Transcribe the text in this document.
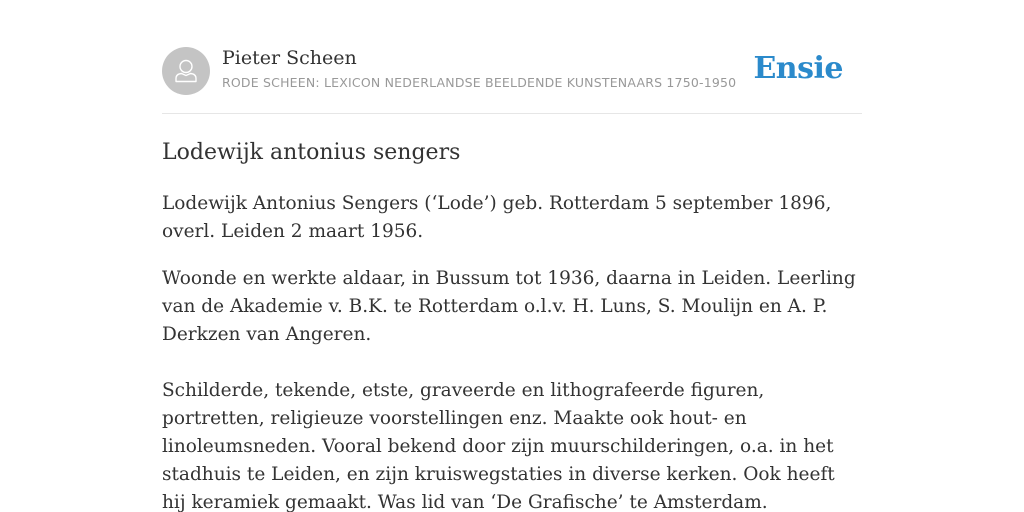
Pieter Scheen
RODE SCHEEN: LEXICON NEDERLANDSE BEELDENDE KUNSTENAARS 1750-1950 Ensie
Lodewijk antonius sengers

Lodewijk Antonius Sengers (‘Lode’) geb. Rotterdam 5 september 1896, overl. Leiden 2 maart 1956.

Woonde en werkte aldaar, in Bussum tot 1936, daarna in Leiden. Leerling van de Akademie v. B.K. te Rotterdam o.l.v. H. Luns, S. Moulijn en A. P. Derkzen van Angeren.

Schilderde, tekende, etste, graveerde en lithografeerde figuren, portretten, religieuze voorstellingen enz. Maakte ook hout- en linoleumsneden. Vooral bekend door zijn muurschilderingen, o.a. in het stadhuis te Leiden, en zijn kruiswegstaties in diverse kerken. Ook heeft hij keramiek gemaakt. Was lid van ‘De Grafische’ te Amsterdam.
